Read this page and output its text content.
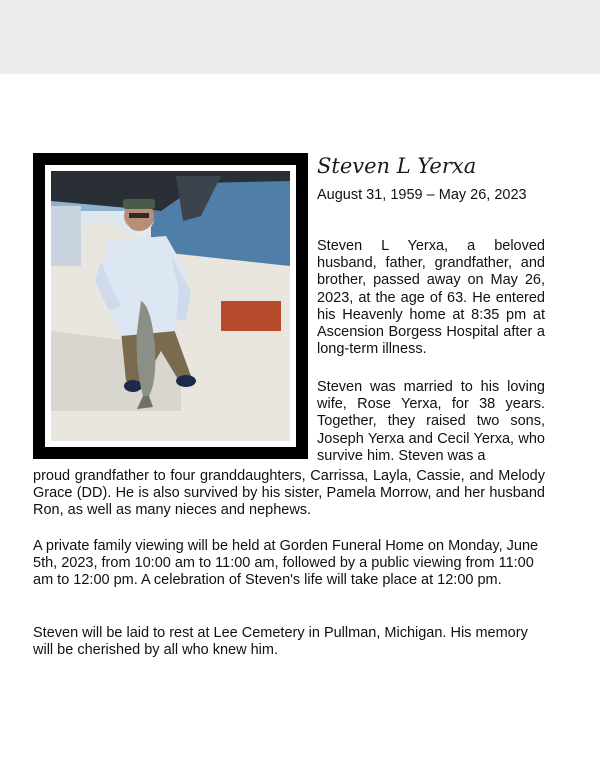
Steven L Yerxa
August 31, 1959 – May 26, 2023

Steven L Yerxa, a beloved husband, father, grandfather, and brother, passed away on May 26, 2023, at the age of 63. He entered his Heavenly home at 8:35 pm at Ascension Borgess Hospital after a long-term illness.

Steven was married to his loving wife, Rose Yerxa, for 38 years. Together, they raised two sons, Joseph Yerxa and Cecil Yerxa, who survive him. Steven was a

proud grandfather to four granddaughters, Carrissa, Layla, Cassie, and Melody Grace (DD). He is also survived by his sister, Pamela Morrow, and her husband Ron, as well as many nieces and nephews.

A private family viewing will be held at Gorden Funeral Home on Monday, June 5th, 2023, from 10:00 am to 11:00 am, followed by a public viewing from 11:00 am to 12:00 pm. A celebration of Steven's life will take place at 12:00 pm.

Steven will be laid to rest at Lee Cemetery in Pullman, Michigan. His memory will be cherished by all who knew him.
